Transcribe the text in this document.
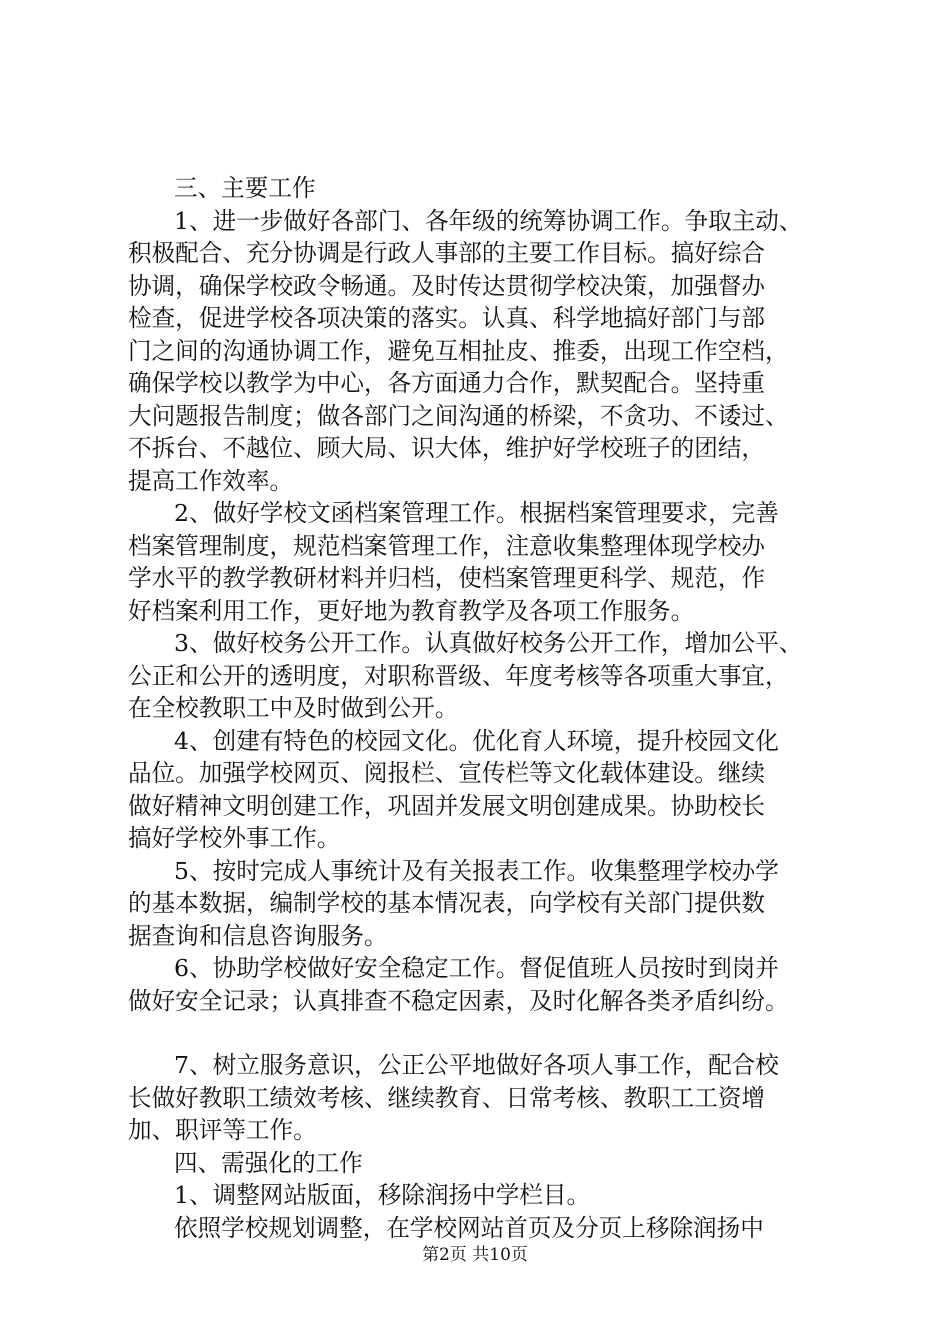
三、主要工作
1、进一步做好各部门、各年级的统筹协调工作。争取主动、
积极配合、充分协调是行政人事部的主要工作目标。搞好综合
协调，确保学校政令畅通。及时传达贯彻学校决策，加强督办
检查，促进学校各项决策的落实。认真、科学地搞好部门与部
门之间的沟通协调工作，避免互相扯皮、推委，出现工作空档，
确保学校以教学为中心，各方面通力合作，默契配合。坚持重
大问题报告制度；做各部门之间沟通的桥梁，不贪功、不诿过、
不拆台、不越位、顾大局、识大体，维护好学校班子的团结，
提高工作效率。
2、做好学校文函档案管理工作。根据档案管理要求，完善
档案管理制度，规范档案管理工作，注意收集整理体现学校办
学水平的教学教研材料并归档，使档案管理更科学、规范，作
好档案利用工作，更好地为教育教学及各项工作服务。
3、做好校务公开工作。认真做好校务公开工作，增加公平、
公正和公开的透明度，对职称晋级、年度考核等各项重大事宜，
在全校教职工中及时做到公开。
4、创建有特色的校园文化。优化育人环境，提升校园文化
品位。加强学校网页、阅报栏、宣传栏等文化载体建设。继续
做好精神文明创建工作，巩固并发展文明创建成果。协助校长
搞好学校外事工作。
5、按时完成人事统计及有关报表工作。收集整理学校办学
的基本数据，编制学校的基本情况表，向学校有关部门提供数
据查询和信息咨询服务。
6、协助学校做好安全稳定工作。督促值班人员按时到岗并
做好安全记录；认真排查不稳定因素，及时化解各类矛盾纠纷。
7、树立服务意识，公正公平地做好各项人事工作，配合校
长做好教职工绩效考核、继续教育、日常考核、教职工工资增
加、职评等工作。
四、需强化的工作
1、调整网站版面，移除润扬中学栏目。
依照学校规划调整，在学校网站首页及分页上移除润扬中
第2页 共10页
